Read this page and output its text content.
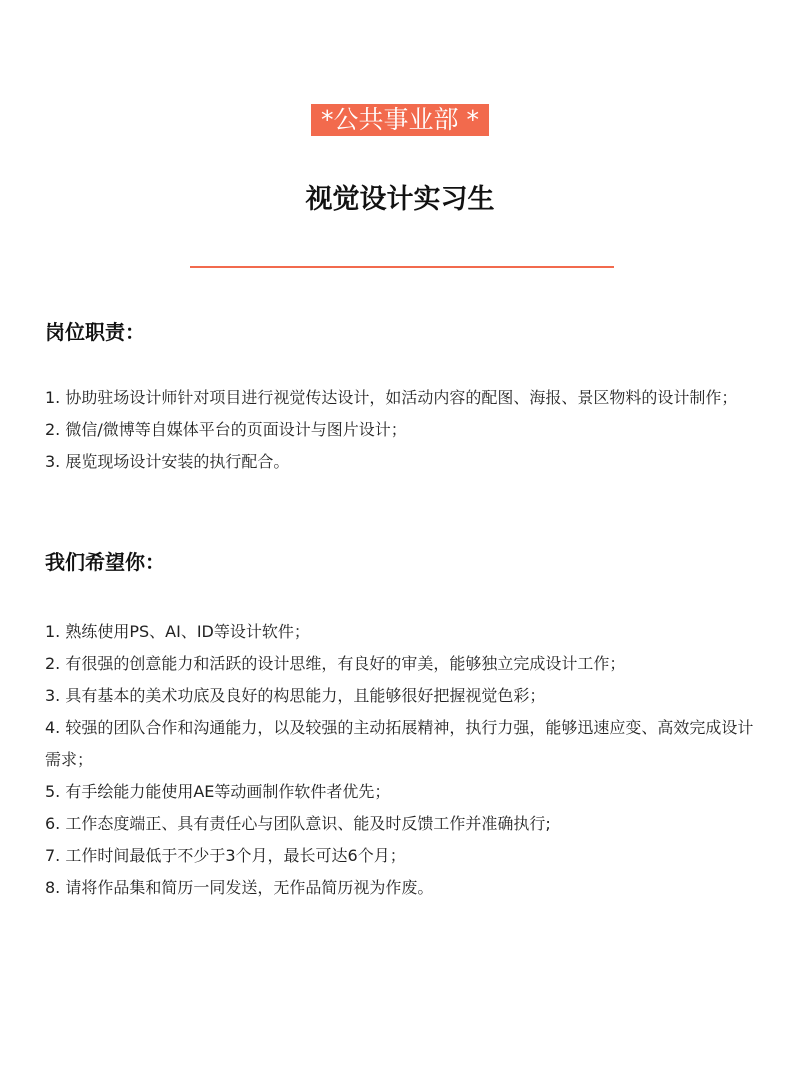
*公共事业部 *
视觉设计实习生
岗位职责：
1. 协助驻场设计师针对项目进行视觉传达设计，如活动内容的配图、海报、景区物料的设计制作；
2. 微信/微博等自媒体平台的页面设计与图片设计；
3. 展览现场设计安装的执行配合。
我们希望你：
1. 熟练使用PS、AI、ID等设计软件；
2. 有很强的创意能力和活跃的设计思维，有良好的审美，能够独立完成设计工作；
3. 具有基本的美术功底及良好的构思能力，且能够很好把握视觉色彩；
4. 较强的团队合作和沟通能力，以及较强的主动拓展精神，执行力强，能够迅速应变、高效完成设计需求；
5. 有手绘能力能使用AE等动画制作软件者优先；
6. 工作态度端正、具有责任心与团队意识、能及时反馈工作并准确执行;
7. 工作时间最低于不少于3个月，最长可达6个月；
8. 请将作品集和简历一同发送，无作品简历视为作废。
